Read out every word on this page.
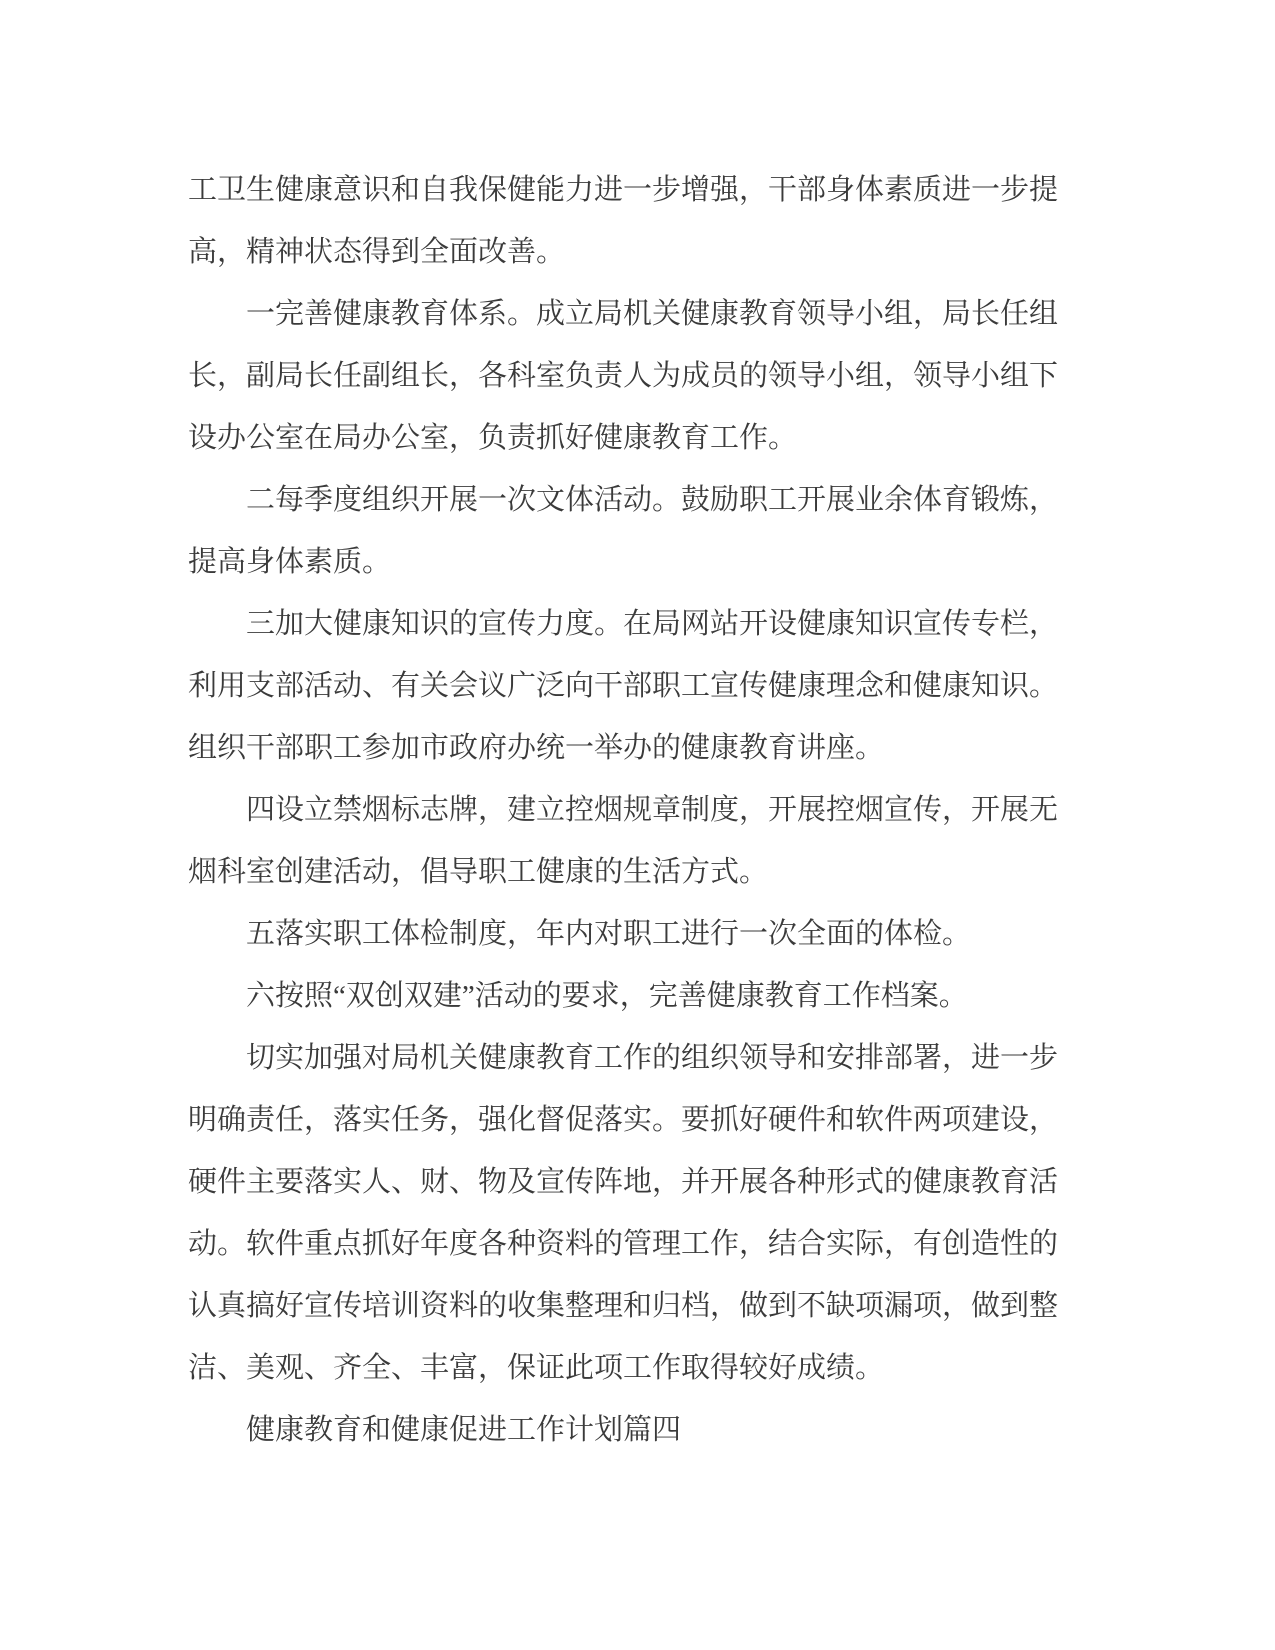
工卫生健康意识和自我保健能力进一步增强，干部身体素质进一步提
高，精神状态得到全面改善。
一完善健康教育体系。成立局机关健康教育领导小组，局长任组
长，副局长任副组长，各科室负责人为成员的领导小组，领导小组下
设办公室在局办公室，负责抓好健康教育工作。
二每季度组织开展一次文体活动。鼓励职工开展业余体育锻炼，
提高身体素质。
三加大健康知识的宣传力度。在局网站开设健康知识宣传专栏，
利用支部活动、有关会议广泛向干部职工宣传健康理念和健康知识。
组织干部职工参加市政府办统一举办的健康教育讲座。
四设立禁烟标志牌，建立控烟规章制度，开展控烟宣传，开展无
烟科室创建活动，倡导职工健康的生活方式。
五落实职工体检制度，年内对职工进行一次全面的体检。
六按照“双创双建”活动的要求，完善健康教育工作档案。
切实加强对局机关健康教育工作的组织领导和安排部署，进一步
明确责任，落实任务，强化督促落实。要抓好硬件和软件两项建设，
硬件主要落实人、财、物及宣传阵地，并开展各种形式的健康教育活
动。软件重点抓好年度各种资料的管理工作，结合实际，有创造性的
认真搞好宣传培训资料的收集整理和归档，做到不缺项漏项，做到整
洁、美观、齐全、丰富，保证此项工作取得较好成绩。
健康教育和健康促进工作计划篇四
